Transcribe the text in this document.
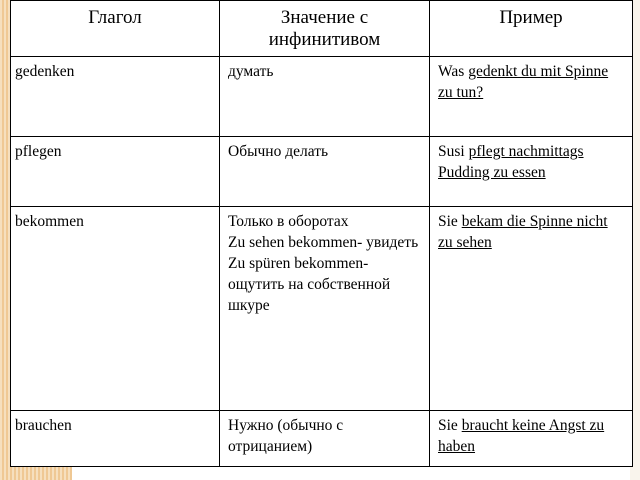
Глагол	Значение с инфинитивом	Пример

gedenken	думать	Was gedenkt du mit Spinne zu tun?

pflegen	Обычно делать	Susi pflegt nachmittags Pudding zu essen

bekommen	Только в оборотах
Zu sehen bekommen- увидеть
Zu spüren bekommen- ощутить на собственной шкуре	Sie bekam die Spinne nicht zu sehen

brauchen	Нужно (обычно с отрицанием)	Sie braucht keine Angst zu haben
